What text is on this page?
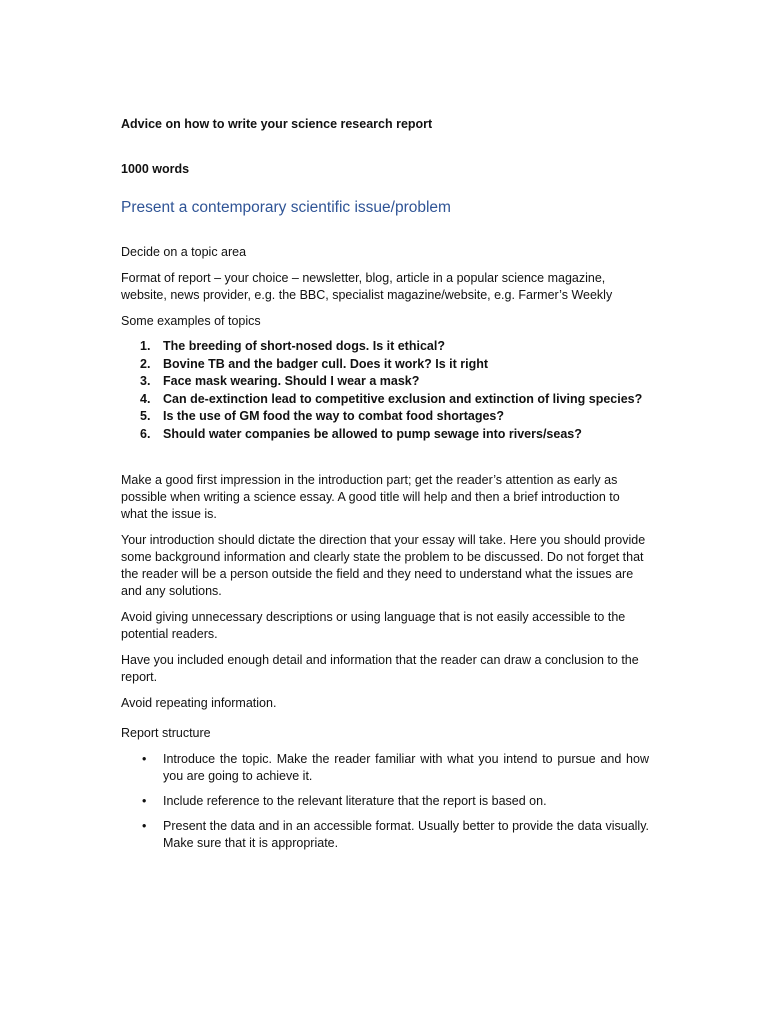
Advice on how to write your science research report

1000 words

Present a contemporary scientific issue/problem

Decide on a topic area

Format of report – your choice – newsletter, blog, article in a popular science magazine, website, news provider, e.g. the BBC, specialist magazine/website, e.g. Farmer’s Weekly

Some examples of topics

1. The breeding of short-nosed dogs. Is it ethical?
2. Bovine TB and the badger cull. Does it work? Is it right
3. Face mask wearing. Should I wear a mask?
4. Can de-extinction lead to competitive exclusion and extinction of living species?
5. Is the use of GM food the way to combat food shortages?
6. Should water companies be allowed to pump sewage into rivers/seas?

Make a good first impression in the introduction part; get the reader’s attention as early as possible when writing a science essay. A good title will help and then a brief introduction to what the issue is.

Your introduction should dictate the direction that your essay will take. Here you should provide some background information and clearly state the problem to be discussed. Do not forget that the reader will be a person outside the field and they need to understand what the issues are and any solutions.

Avoid giving unnecessary descriptions or using language that is not easily accessible to the potential readers.

Have you included enough detail and information that the reader can draw a conclusion to the report.

Avoid repeating information.

Report structure

• Introduce the topic. Make the reader familiar with what you intend to pursue and how you are going to achieve it.
• Include reference to the relevant literature that the report is based on.
• Present the data and in an accessible format. Usually better to provide the data visually. Make sure that it is appropriate.
